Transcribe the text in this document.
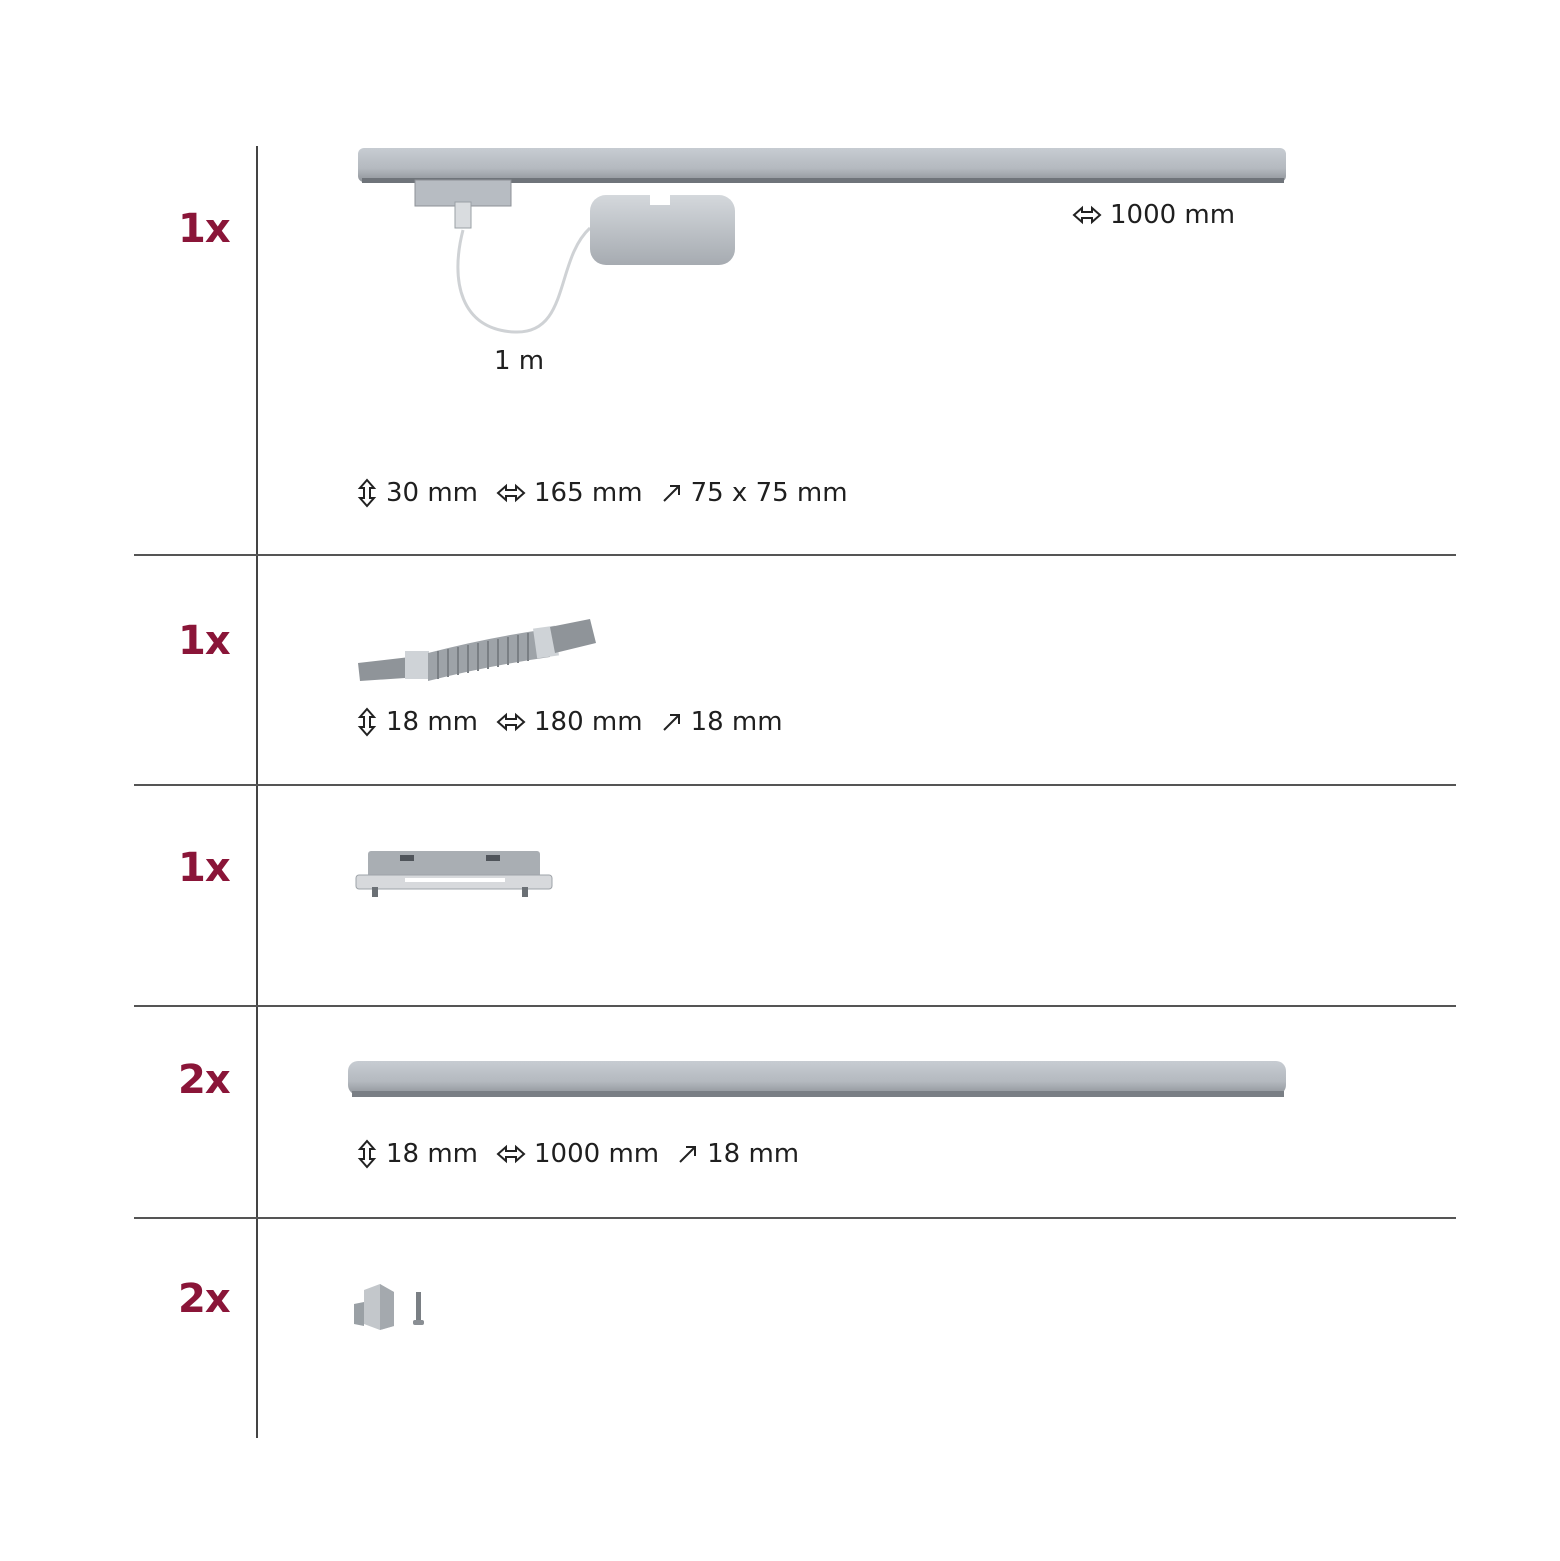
1x	1000 mm
1 m
30 mm 165 mm 75 x 75 mm
1x
18 mm 180 mm 18 mm
1x
2x
18 mm 1000 mm 18 mm
2x
